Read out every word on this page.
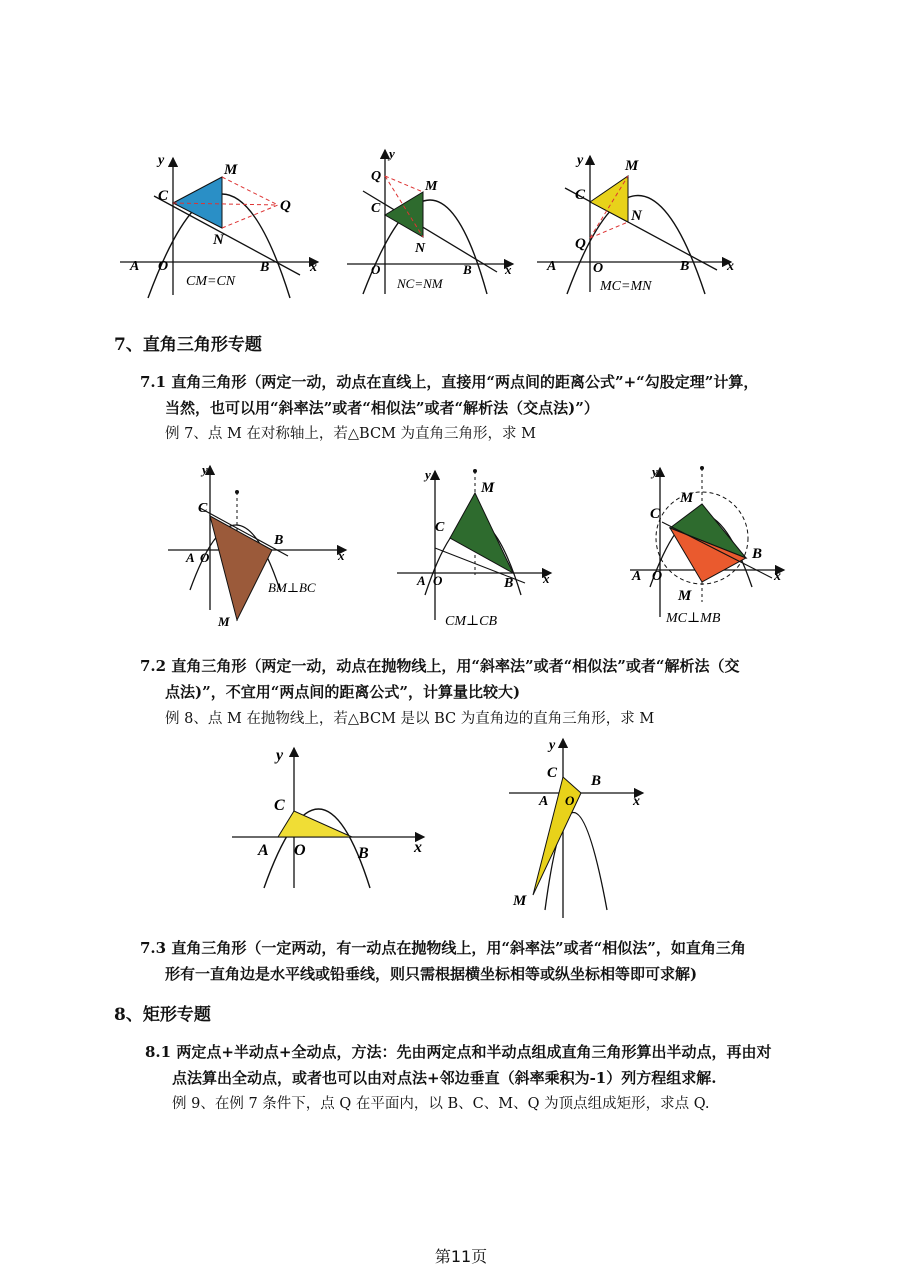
C
M
N
Q
A O	B	x
y
CM=CN
Q
C
M
N
O	B	x
y
NC=NM
M
C
N
Q
A	O	B	x
y
MC=MN
7、直角三角形专题
7.1 直角三角形（两定一动，动点在直线上，直接用“两点间的距离公式”+“勾股定理”计算，
当然，也可以用“斜率法”或者“相似法”或者“解析法（交点法)”）
例 7、点 M 在对称轴上，若△BCM 为直角三角形，求 M
y
C
B
A O	x
M
BM⊥BC
M
C
A O	B x
y
CM⊥CB
y
M
C
B
A O	x
M
MC⊥MB
7.2 直角三角形（两定一动，动点在抛物线上，用“斜率法”或者“相似法”或者“解析法（交
点法)”，不宜用“两点间的距离公式”，计算量比较大)
例 8、点 M 在抛物线上，若△BCM 是以 BC 为直角边的直角三角形，求 M
y
C
A O	B	x
y
C B
A O	x
M
7.3 直角三角形（一定两动，有一动点在抛物线上，用“斜率法”或者“相似法”，如直角三角
形有一直角边是水平线或铅垂线，则只需根据横坐标相等或纵坐标相等即可求解)
8、矩形专题
8.1 两定点+半动点+全动点，方法：先由两定点和半动点组成直角三角形算出半动点，再由对
点法算出全动点，或者也可以由对点法+邻边垂直（斜率乘积为-1）列方程组求解.
例 9、在例 7 条件下，点 Q 在平面内，以 B、C、M、Q 为顶点组成矩形，求点 Q.
第11页
